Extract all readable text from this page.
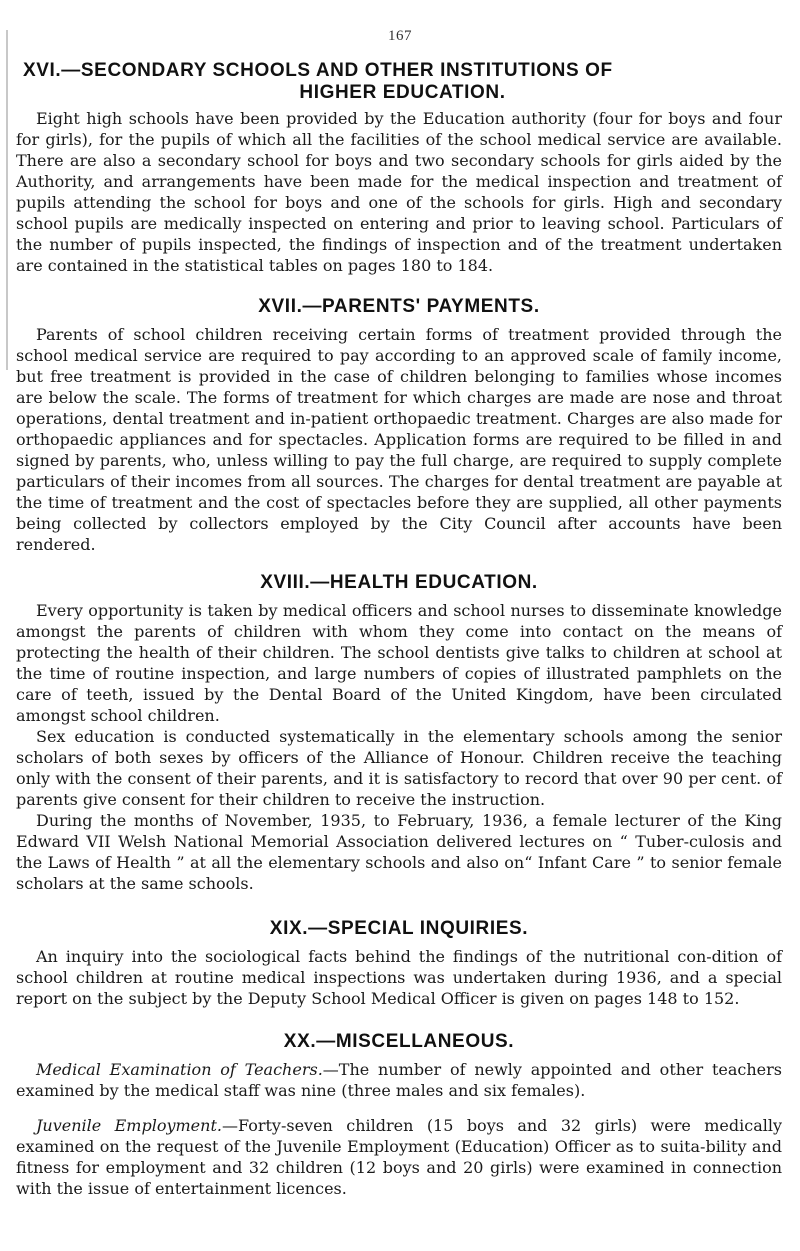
167
XVI.—SECONDARY SCHOOLS AND OTHER INSTITUTIONS OF
HIGHER EDUCATION.

Eight high schools have been provided by the Education authority (four for boys and four for girls), for the pupils of which all the facilities of the school medical service are available. There are also a secondary school for boys and two secondary schools for girls aided by the Authority, and arrangements have been made for the medical inspection and treatment of pupils attending the school for boys and one of the schools for girls. High and secondary school pupils are medically inspected on entering and prior to leaving school. Particulars of the number of pupils inspected, the findings of inspection and of the treatment undertaken are contained in the statistical tables on pages 180 to 184.

XVII.—PARENTS' PAYMENTS.

Parents of school children receiving certain forms of treatment provided through the school medical service are required to pay according to an approved scale of family income, but free treatment is provided in the case of children belonging to families whose incomes are below the scale. The forms of treatment for which charges are made are nose and throat operations, dental treatment and in-patient orthopaedic treatment. Charges are also made for orthopaedic appliances and for spectacles. Application forms are required to be filled in and signed by parents, who, unless willing to pay the full charge, are required to supply complete particulars of their incomes from all sources. The charges for dental treatment are payable at the time of treatment and the cost of spectacles before they are supplied, all other payments being collected by collectors employed by the City Council after accounts have been rendered.

XVIII.—HEALTH EDUCATION.

Every opportunity is taken by medical officers and school nurses to disseminate knowledge amongst the parents of children with whom they come into contact on the means of protecting the health of their children. The school dentists give talks to children at school at the time of routine inspection, and large numbers of copies of illustrated pamphlets on the care of teeth, issued by the Dental Board of the United Kingdom, have been circulated amongst school children.

Sex education is conducted systematically in the elementary schools among the senior scholars of both sexes by officers of the Alliance of Honour. Children receive the teaching only with the consent of their parents, and it is satisfactory to record that over 90 per cent. of parents give consent for their children to receive the instruction.

During the months of November, 1935, to February, 1936, a female lecturer of the King Edward VII Welsh National Memorial Association delivered lectures on “ Tuber-culosis and the Laws of Health ” at all the elementary schools and also on“ Infant Care ” to senior female scholars at the same schools.

XIX.—SPECIAL INQUIRIES.

An inquiry into the sociological facts behind the findings of the nutritional con-dition of school children at routine medical inspections was undertaken during 1936, and a special report on the subject by the Deputy School Medical Officer is given on pages 148 to 152.

XX.—MISCELLANEOUS.

Medical Examination of Teachers.—The number of newly appointed and other teachers examined by the medical staff was nine (three males and six females).

Juvenile Employment.—Forty-seven children (15 boys and 32 girls) were medically examined on the request of the Juvenile Employment (Education) Officer as to suita-bility and fitness for employment and 32 children (12 boys and 20 girls) were examined in connection with the issue of entertainment licences.
